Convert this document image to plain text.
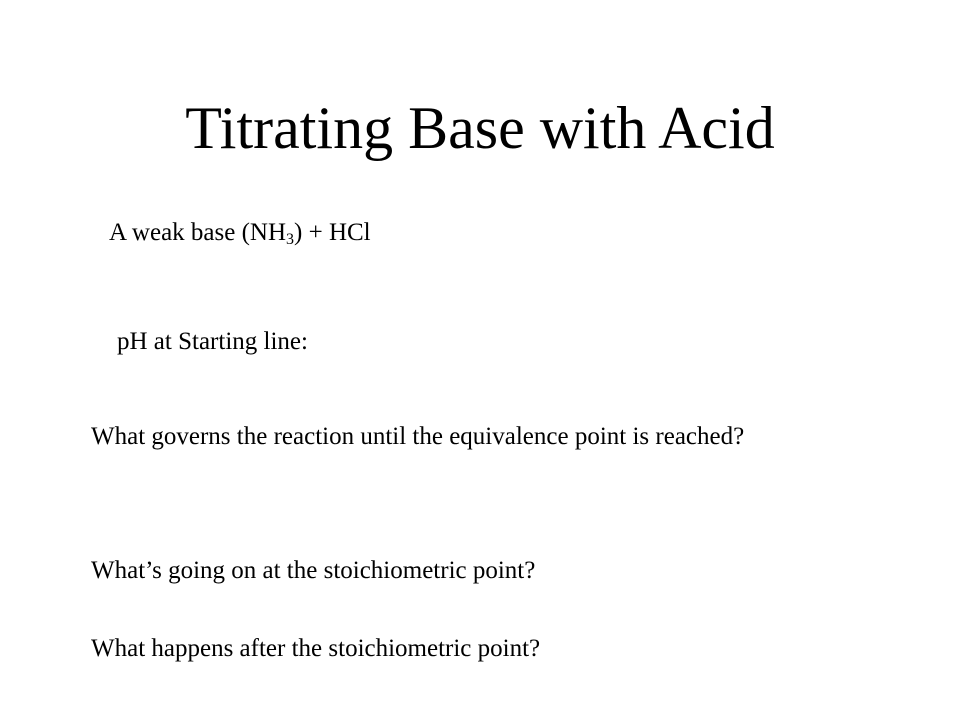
Titrating Base with Acid
A weak base $(NH_3)$ + HCl
pH at Starting line:
What governs the reaction until the equivalence point is reached?
What’s going on at the stoichiometric point?
What happens after the stoichiometric point?
